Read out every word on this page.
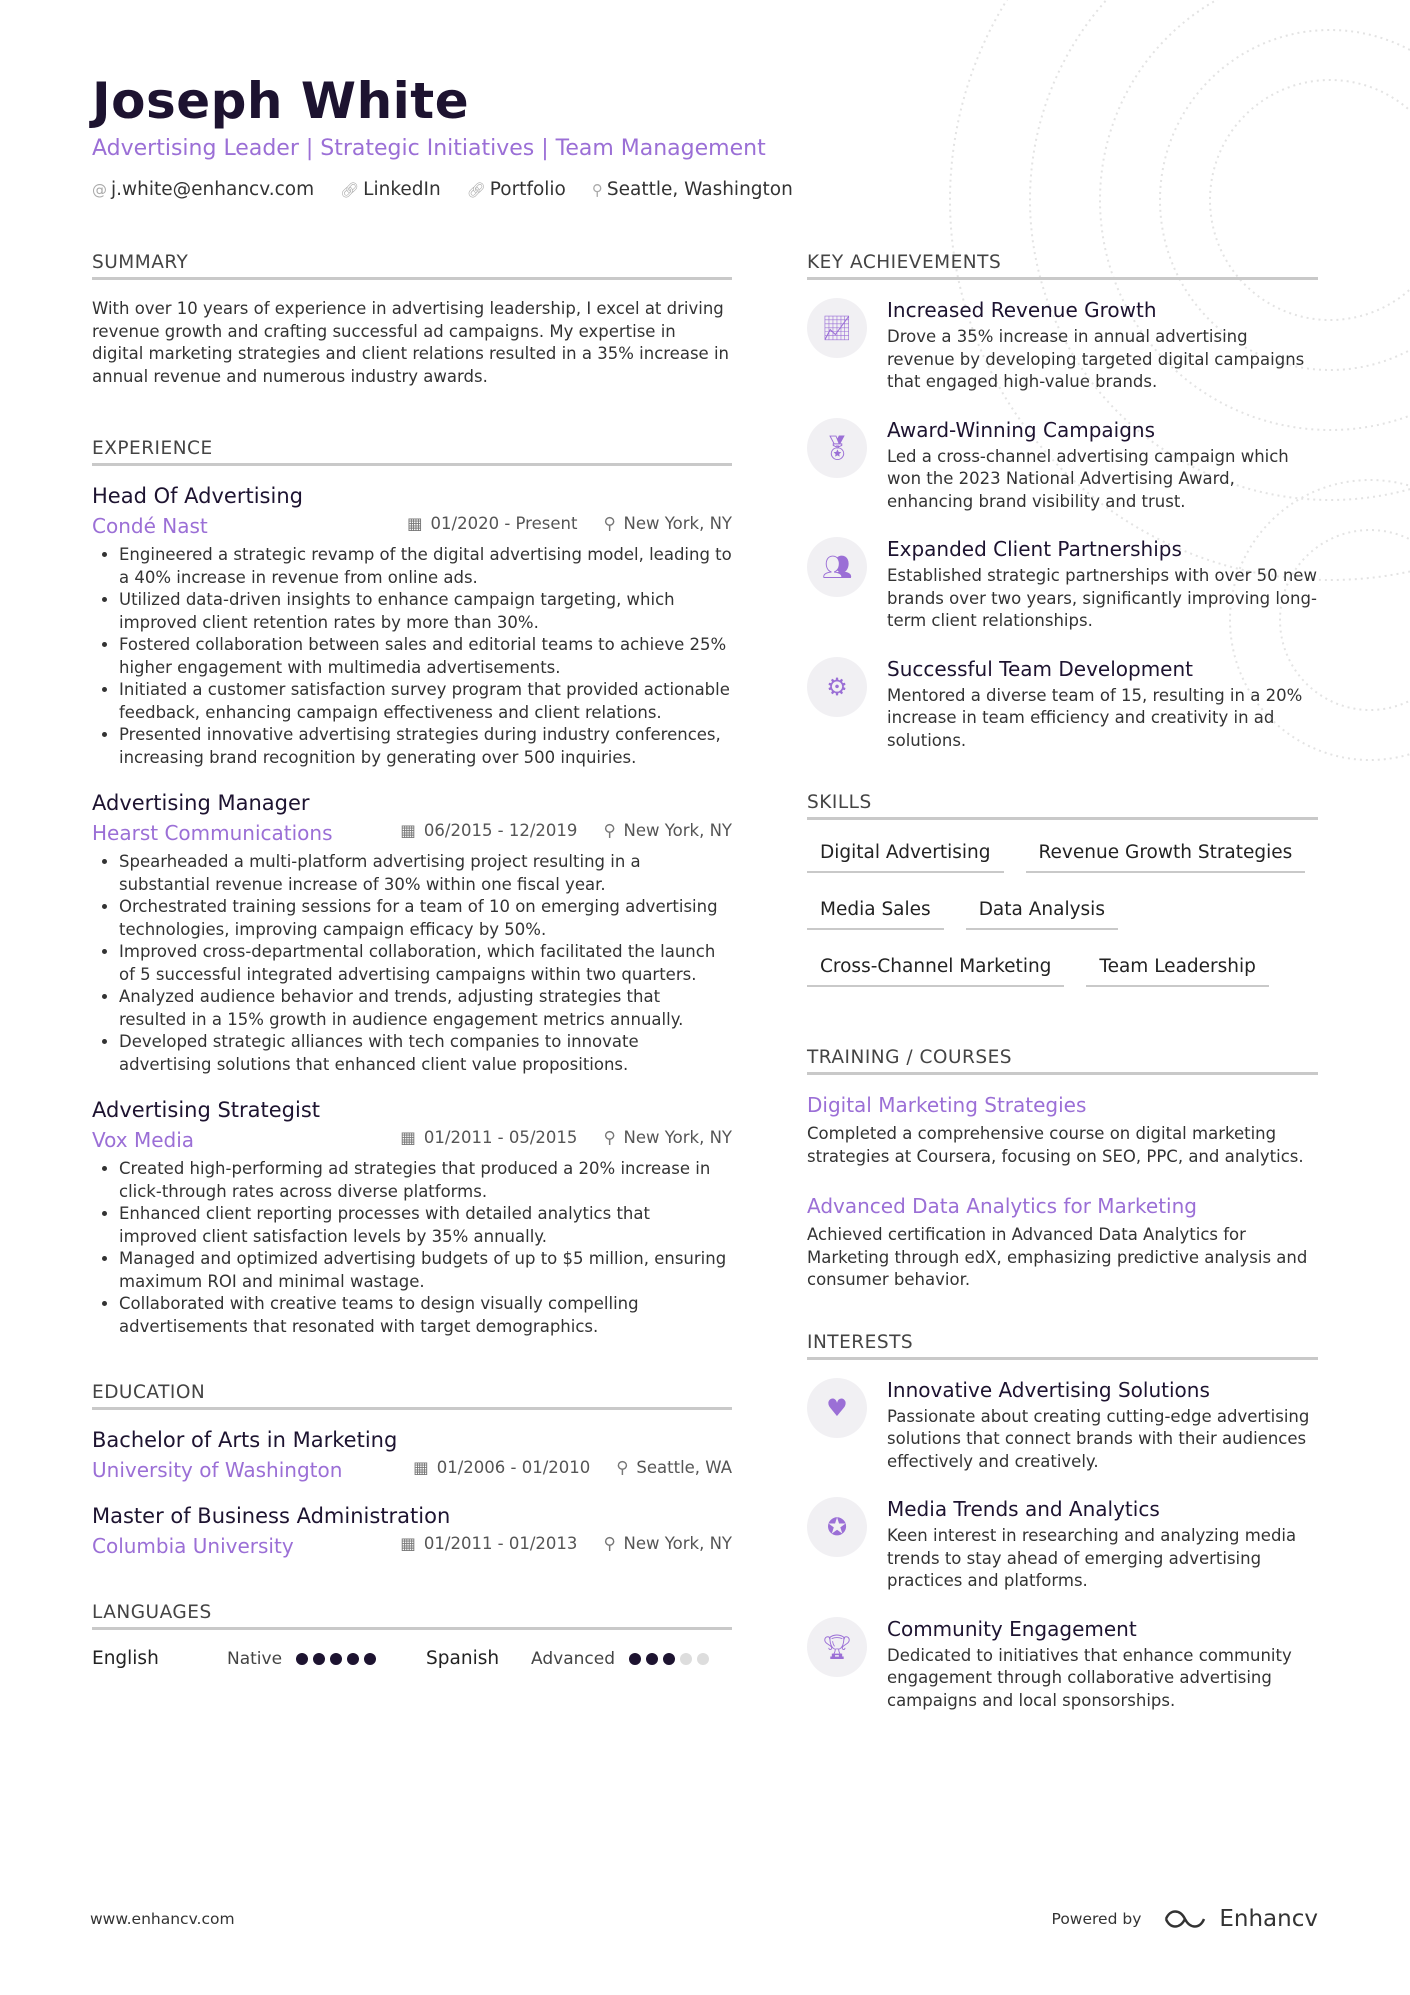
Joseph White
Advertising Leader | Strategic Initiatives | Team Management
@ j.white@enhancv.com 🔗︎ LinkedIn 🔗︎ Portfolio ⚲ Seattle, Washington
SUMMARY
With over 10 years of experience in advertising leadership, I excel at driving revenue growth and crafting successful ad campaigns. My expertise in digital marketing strategies and client relations resulted in a 35% increase in annual revenue and numerous industry awards.
EXPERIENCE
Head Of Advertising
Condé Nast	▦ 01/2020 - Present ⚲ New York, NY
• Engineered a strategic revamp of the digital advertising model, leading to a 40% increase in revenue from online ads.
• Utilized data-driven insights to enhance campaign targeting, which improved client retention rates by more than 30%.
• Fostered collaboration between sales and editorial teams to achieve 25% higher engagement with multimedia advertisements.
• Initiated a customer satisfaction survey program that provided actionable feedback, enhancing campaign effectiveness and client relations.
• Presented innovative advertising strategies during industry conferences, increasing brand recognition by generating over 500 inquiries.
Advertising Manager
Hearst Communications	▦ 06/2015 - 12/2019 ⚲ New York, NY
• Spearheaded a multi-platform advertising project resulting in a substantial revenue increase of 30% within one fiscal year.
• Orchestrated training sessions for a team of 10 on emerging advertising technologies, improving campaign efficacy by 50%.
• Improved cross-departmental collaboration, which facilitated the launch of 5 successful integrated advertising campaigns within two quarters.
• Analyzed audience behavior and trends, adjusting strategies that resulted in a 15% growth in audience engagement metrics annually.
• Developed strategic alliances with tech companies to innovate advertising solutions that enhanced client value propositions.
Advertising Strategist
Vox Media	▦ 01/2011 - 05/2015 ⚲ New York, NY
• Created high-performing ad strategies that produced a 20% increase in click-through rates across diverse platforms.
• Enhanced client reporting processes with detailed analytics that improved client satisfaction levels by 35% annually.
• Managed and optimized advertising budgets of up to $5 million, ensuring maximum ROI and minimal wastage.
• Collaborated with creative teams to design visually compelling advertisements that resonated with target demographics.
EDUCATION
Bachelor of Arts in Marketing
University of Washington	▦ 01/2006 - 01/2010 ⚲ Seattle, WA
Master of Business Administration
Columbia University	▦ 01/2011 - 01/2013 ⚲ New York, NY
LANGUAGES
English	Native	Spanish	Advanced
KEY ACHIEVEMENTS
📈︎
Increased Revenue Growth
Drove a 35% increase in annual advertising revenue by developing targeted digital campaigns that engaged high-value brands.
🏅︎
Award-Winning Campaigns
Led a cross-channel advertising campaign which won the 2023 National Advertising Award, enhancing brand visibility and trust.
👥︎
Expanded Client Partnerships
Established strategic partnerships with over 50 new brands over two years, significantly improving long-term client relationships.
⚙
Successful Team Development
Mentored a diverse team of 15, resulting in a 20% increase in team efficiency and creativity in ad solutions.
SKILLS
Digital Advertising	Revenue Growth Strategies
Media Sales	Data Analysis
Cross-Channel Marketing	Team Leadership
TRAINING / COURSES
Digital Marketing Strategies
Completed a comprehensive course on digital marketing strategies at Coursera, focusing on SEO, PPC, and analytics.
Advanced Data Analytics for Marketing
Achieved certification in Advanced Data Analytics for Marketing through edX, emphasizing predictive analysis and consumer behavior.
INTERESTS
♥
Innovative Advertising Solutions
Passionate about creating cutting-edge advertising solutions that connect brands with their audiences effectively and creatively.
✪
Media Trends and Analytics
Keen interest in researching and analyzing media trends to stay ahead of emerging advertising practices and platforms.
🏆︎
Community Engagement
Dedicated to initiatives that enhance community engagement through collaborative advertising campaigns and local sponsorships.
www.enhancv.com	Powered by	Enhancv
